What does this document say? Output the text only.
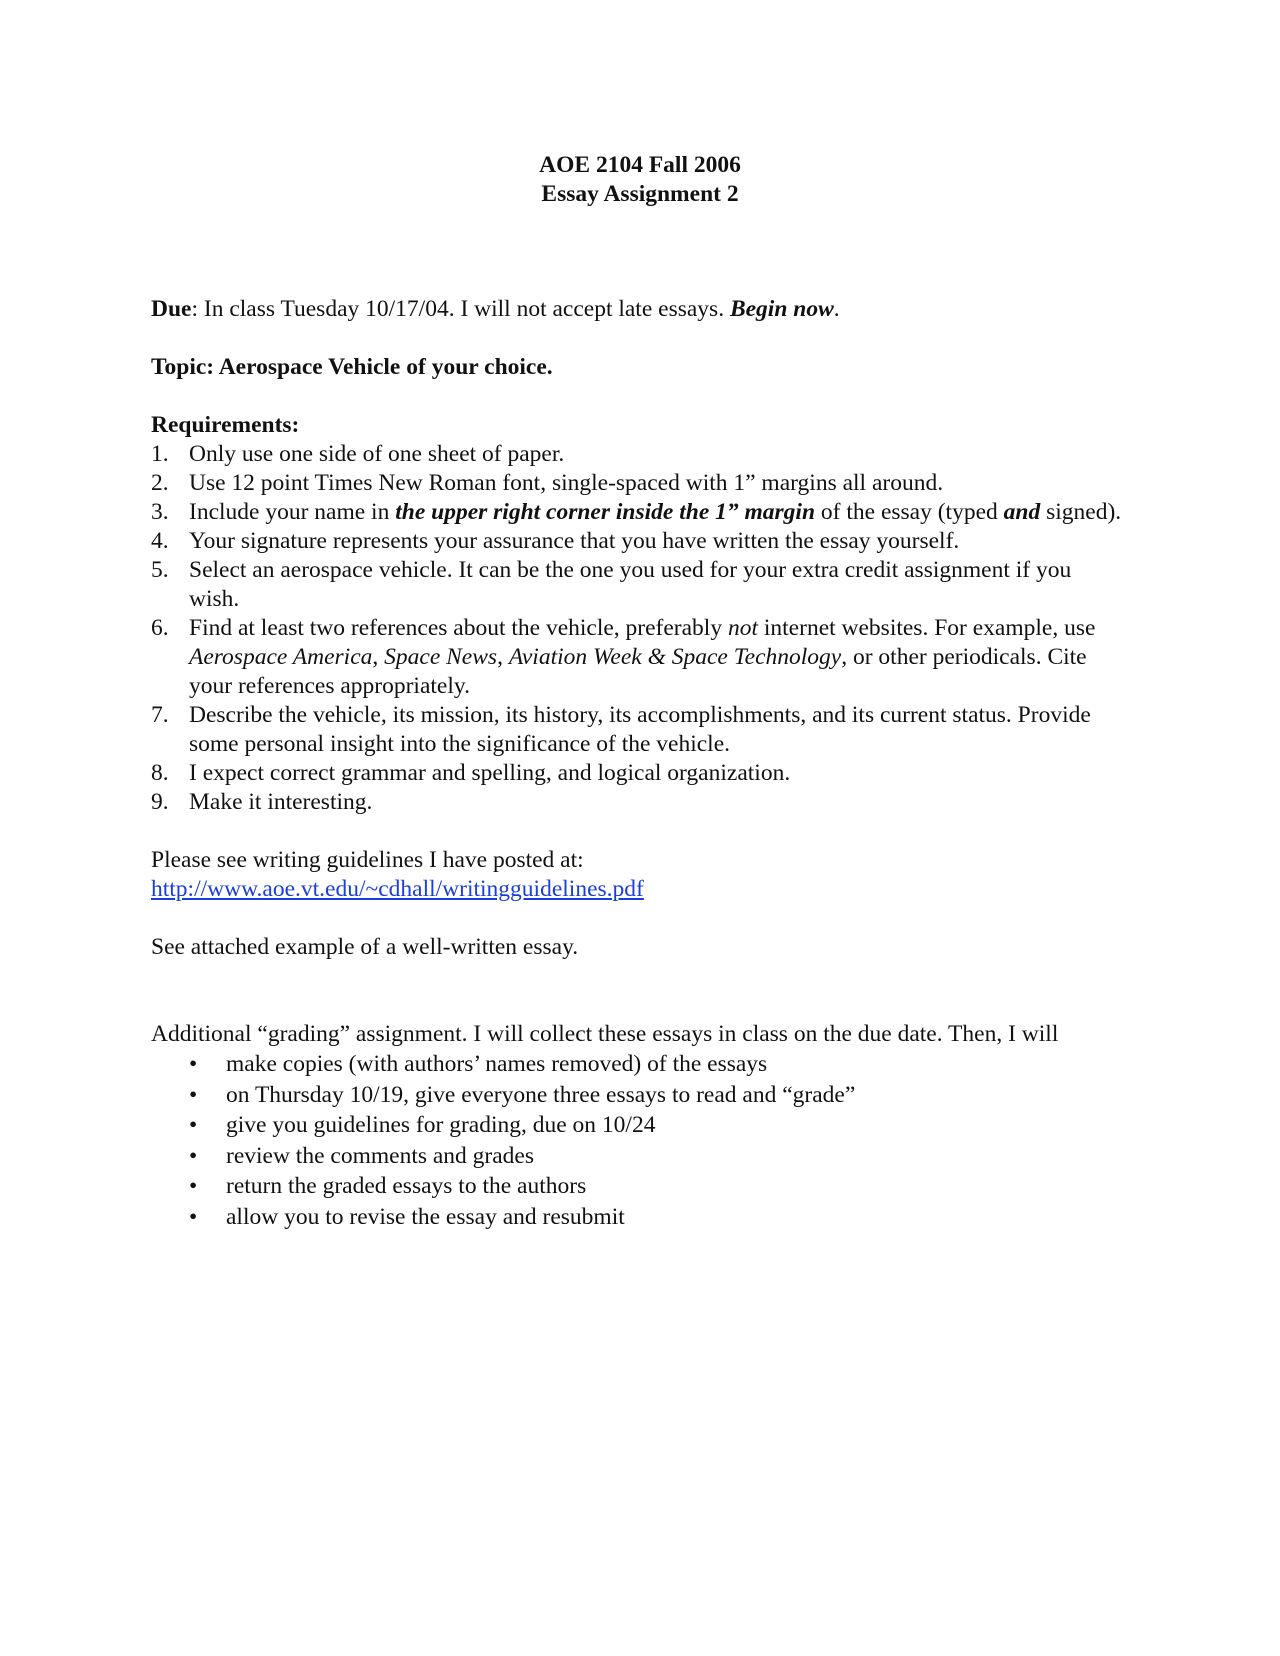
AOE 2104 Fall 2006
Essay Assignment 2

Due: In class Tuesday 10/17/04. I will not accept late essays. Begin now.

Topic: Aerospace Vehicle of your choice.

Requirements:

1. Only use one side of one sheet of paper.
2. Use 12 point Times New Roman font, single-spaced with 1” margins all around.
3. Include your name in the upper right corner inside the 1” margin of the essay (typed and signed).
4. Your signature represents your assurance that you have written the essay yourself.
5. Select an aerospace vehicle. It can be the one you used for your extra credit assignment if you wish.
6. Find at least two references about the vehicle, preferably not internet websites. For example, use Aerospace America, Space News, Aviation Week & Space Technology, or other periodicals. Cite your references appropriately.
7. Describe the vehicle, its mission, its history, its accomplishments, and its current status. Provide some personal insight into the significance of the vehicle.
8. I expect correct grammar and spelling, and logical organization.
9. Make it interesting.

Please see writing guidelines I have posted at:

http://www.aoe.vt.edu/~cdhall/writingguidelines.pdf

See attached example of a well-written essay.

Additional “grading” assignment. I will collect these essays in class on the due date. Then, I will

• make copies (with authors’ names removed) of the essays
• on Thursday 10/19, give everyone three essays to read and “grade”
• give you guidelines for grading, due on 10/24
• review the comments and grades
• return the graded essays to the authors
• allow you to revise the essay and resubmit
